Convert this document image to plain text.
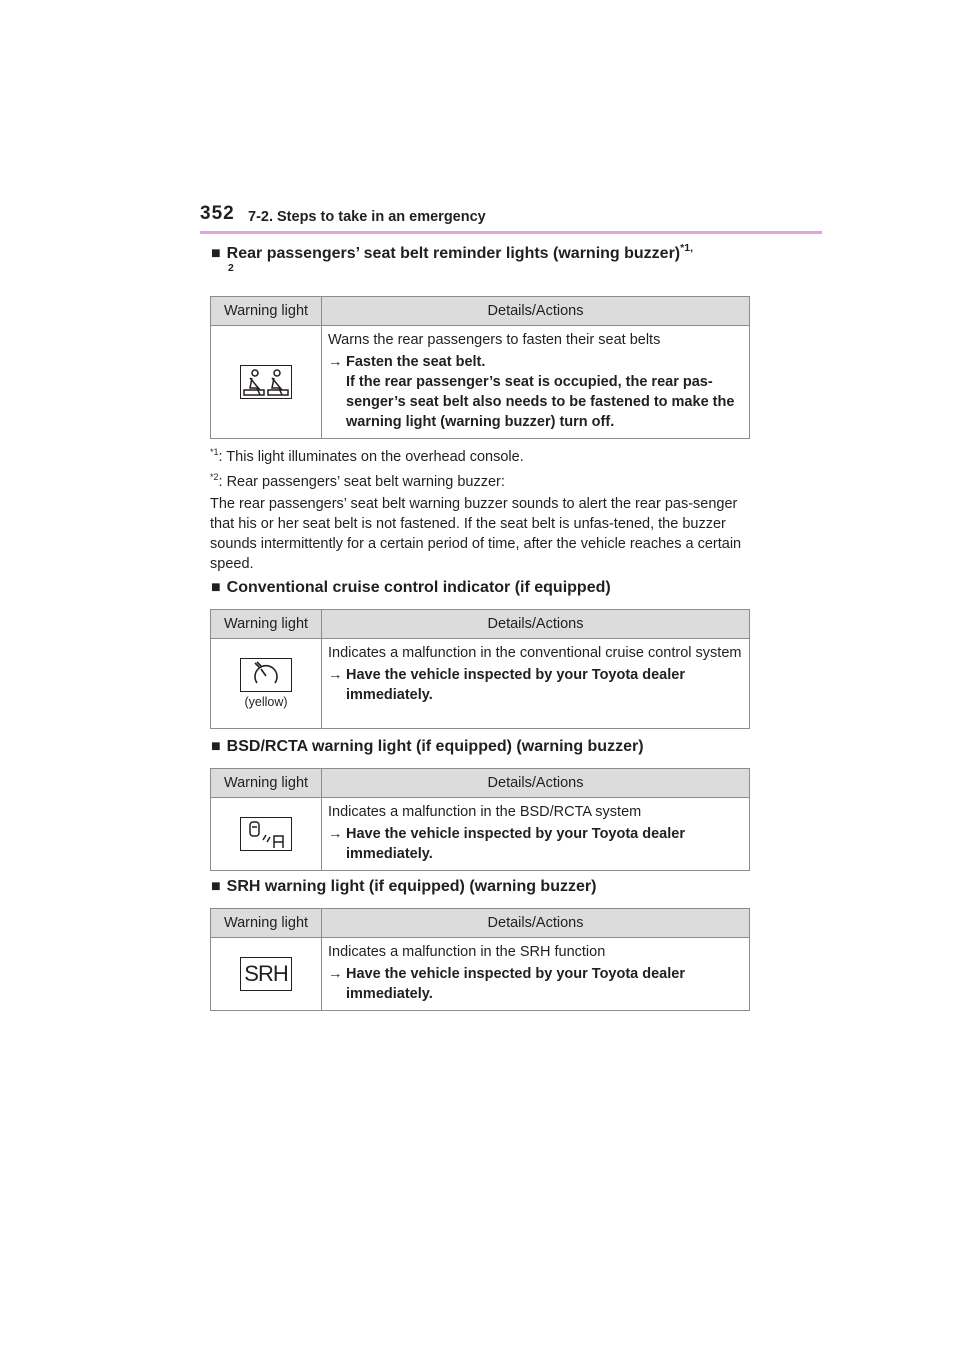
352 7-2. Steps to take in an emergency
■ Rear passengers’ seat belt reminder lights (warning buzzer)$^{*1,}$
2
Warning light	Details/Actions

Warns the rear passengers to fasten their seat belts

→ Fasten the seat belt.
If the rear passenger’s seat is occupied, the rear pas-senger’s seat belt also needs to be fastened to make the warning light (warning buzzer) turn off.
$^{*1}$: This light illuminates on the overhead console.
$^{*2}$: Rear passengers’ seat belt warning buzzer:
The rear passengers’ seat belt warning buzzer sounds to alert the rear pas-senger that his or her seat belt is not fastened. If the seat belt is unfas-tened, the buzzer sounds intermittently for a certain period of time, after the vehicle reaches a certain speed.
■ Conventional cruise control indicator (if equipped)
Warning light	Details/Actions

(yellow)	Indicates a malfunction in the conventional cruise control system

→ Have the vehicle inspected by your Toyota dealer immediately.
■ BSD/RCTA warning light (if equipped) (warning buzzer)
Warning light	Details/Actions

Indicates a malfunction in the BSD/RCTA system

→ Have the vehicle inspected by your Toyota dealer immediately.
■ SRH warning light (if equipped) (warning buzzer)
Warning light	Details/Actions
SRH	Indicates a malfunction in the SRH function

→ Have the vehicle inspected by your Toyota dealer immediately.
